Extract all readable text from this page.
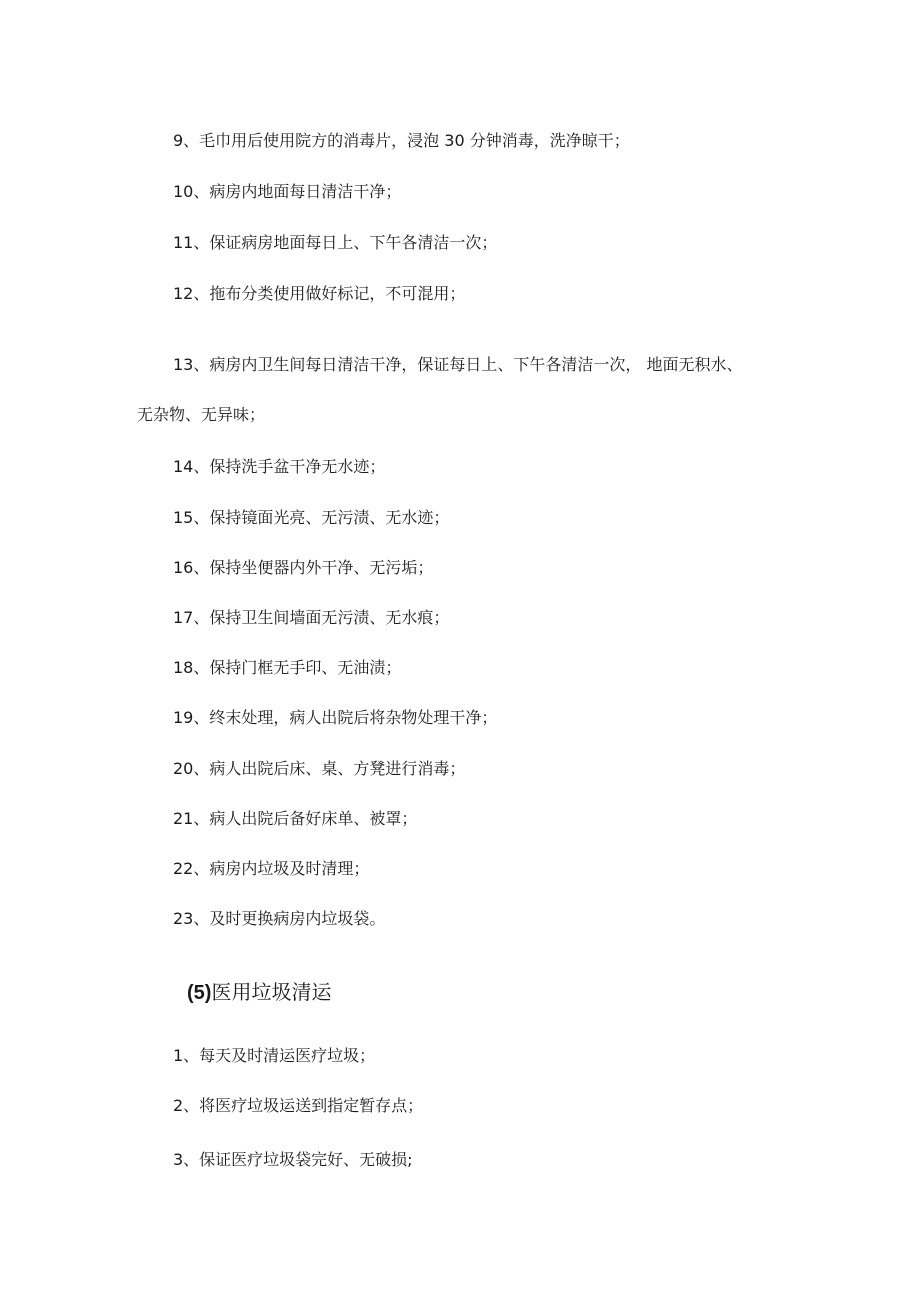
9、毛巾用后使用院方的消毒片，浸泡 30 分钟消毒，洗净晾干；
10、病房内地面每日清洁干净；
11、保证病房地面每日上、下午各清洁一次；
12、拖布分类使用做好标记，不可混用；
13、病房内卫生间每日清洁干净，保证每日上、下午各清洁一次， 地面无积水、
无杂物、无异味；
14、保持洗手盆干净无水迹；
15、保持镜面光亮、无污渍、无水迹；
16、保持坐便器内外干净、无污垢；
17、保持卫生间墙面无污渍、无水痕；
18、保持门框无手印、无油渍；
19、终末处理，病人出院后将杂物处理干净；
20、病人出院后床、桌、方凳进行消毒；
21、病人出院后备好床单、被罩；
22、病房内垃圾及时清理；
23、及时更换病房内垃圾袋。
(5)医用垃圾清运
1、每天及时清运医疗垃圾；
2、将医疗垃圾运送到指定暂存点；
3、保证医疗垃圾袋完好、无破损;
